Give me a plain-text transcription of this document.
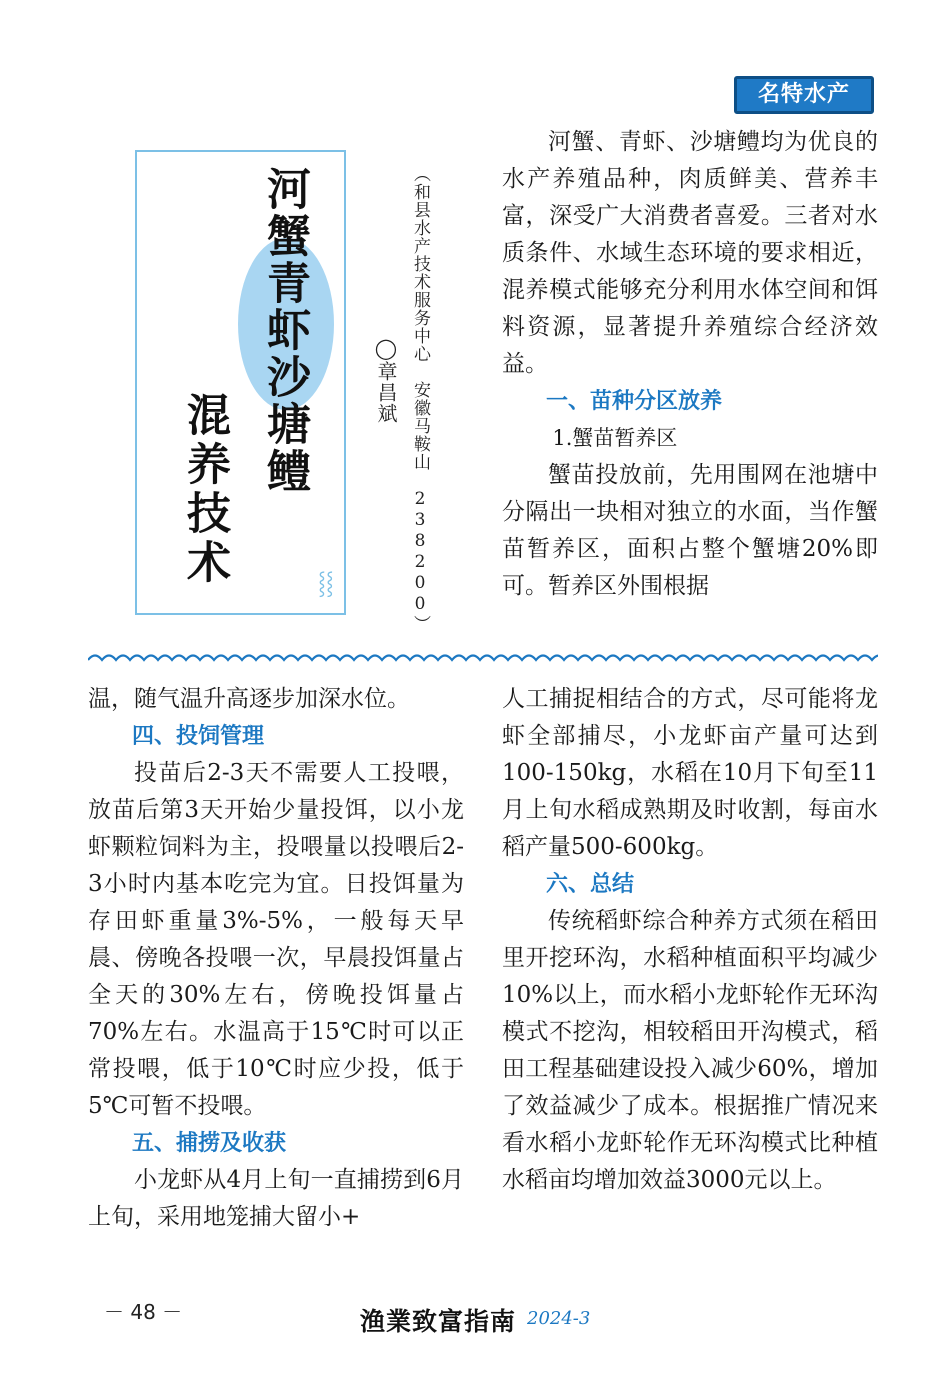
名特水产
河蟹青虾沙塘鳢
混养技术
◯章昌斌 （和县水产技术服务中心　安徽马鞍山　238200）
⸾⸾

河蟹、青虾、沙塘鳢均为优良的水产养殖品种，肉质鲜美、营养丰富，深受广大消费者喜爱。三者对水质条件、水域生态环境的要求相近，混养模式能够充分利用水体空间和饵料资源，显著提升养殖综合经济效益。

一、苗种分区放养

1.蟹苗暂养区

蟹苗投放前，先用围网在池塘中分隔出一块相对独立的水面，当作蟹苗暂养区，面积占整个蟹塘20%即可。暂养区外围根据

温，随气温升高逐步加深水位。

四、投饲管理

投苗后2-3天不需要人工投喂，放苗后第3天开始少量投饵，以小龙虾颗粒饲料为主，投喂量以投喂后2-3小时内基本吃完为宜。日投饵量为存田虾重量3%-5%，一般每天早晨、傍晚各投喂一次，早晨投饵量占全天的30%左右，傍晚投饵量占70%左右。水温高于15℃时可以正常投喂，低于10℃时应少投，低于5℃可暂不投喂。

五、捕捞及收获

小龙虾从4月上旬一直捕捞到6月上旬，采用地笼捕大留小+

人工捕捉相结合的方式，尽可能将龙虾全部捕尽，小龙虾亩产量可达到100-150kg，水稻在10月下旬至11月上旬水稻成熟期及时收割，每亩水稻产量500-600kg。

六、总结

传统稻虾综合种养方式须在稻田里开挖环沟，水稻种植面积平均减少10%以上，而水稻小龙虾轮作无环沟模式不挖沟，相较稻田开沟模式，稻田工程基础建设投入减少60%，增加了效益减少了成本。根据推广情况来看水稻小龙虾轮作无环沟模式比种植水稻亩均增加效益3000元以上。

－ 48 －	渔業致富指南 2024-3
